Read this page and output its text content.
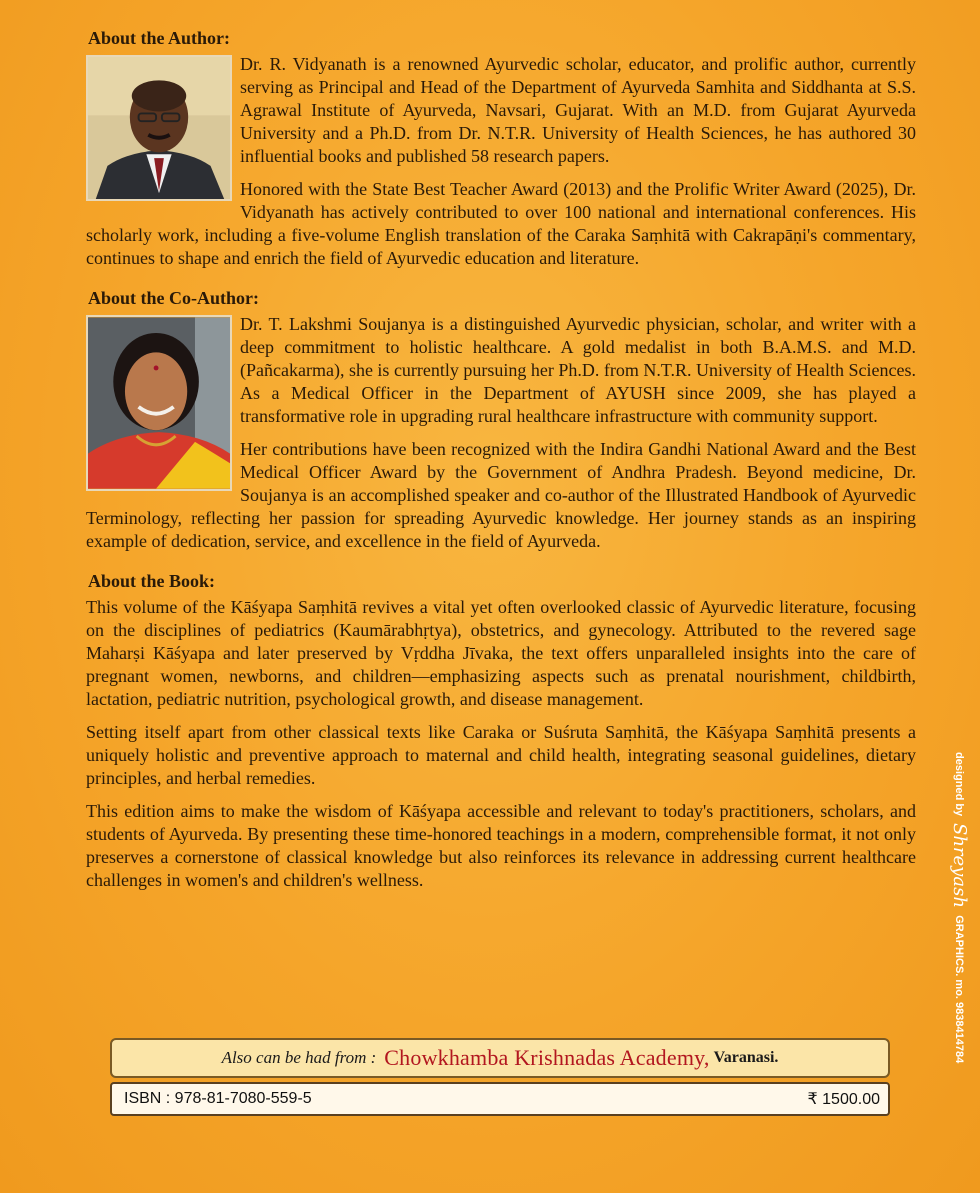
About the Author:

Dr. R. Vidyanath is a renowned Ayurvedic scholar, educator, and prolific author, currently serving as Principal and Head of the Department of Ayurveda Samhita and Siddhanta at S.S. Agrawal Institute of Ayurveda, Navsari, Gujarat. With an M.D. from Gujarat Ayurveda University and a Ph.D. from Dr. N.T.R. University of Health Sciences, he has authored 30 influential books and published 58 research papers.

Honored with the State Best Teacher Award (2013) and the Prolific Writer Award (2025), Dr. Vidyanath has actively contributed to over 100 national and international conferences. His scholarly work, including a five-volume English translation of the Caraka Saṃhitā with Cakrapāṇi's commentary, continues to shape and enrich the field of Ayurvedic education and literature.

About the Co-Author:

Dr. T. Lakshmi Soujanya is a distinguished Ayurvedic physician, scholar, and writer with a deep commitment to holistic healthcare. A gold medalist in both B.A.M.S. and M.D. (Pañcakarma), she is currently pursuing her Ph.D. from N.T.R. University of Health Sciences. As a Medical Officer in the Department of AYUSH since 2009, she has played a transformative role in upgrading rural healthcare infrastructure with community support.

Her contributions have been recognized with the Indira Gandhi National Award and the Best Medical Officer Award by the Government of Andhra Pradesh. Beyond medicine, Dr. Soujanya is an accomplished speaker and co-author of the Illustrated Handbook of Ayurvedic Terminology, reflecting her passion for spreading Ayurvedic knowledge. Her journey stands as an inspiring example of dedication, service, and excellence in the field of Ayurveda.

About the Book:

This volume of the Kāśyapa Saṃhitā revives a vital yet often overlooked classic of Ayurvedic literature, focusing on the disciplines of pediatrics (Kaumārabhṛtya), obstetrics, and gynecology. Attributed to the revered sage Maharṣi Kāśyapa and later preserved by Vṛddha Jīvaka, the text offers unparalleled insights into the care of pregnant women, newborns, and children—emphasizing aspects such as prenatal nourishment, childbirth, lactation, pediatric nutrition, psychological growth, and disease management.

Setting itself apart from other classical texts like Caraka or Suśruta Saṃhitā, the Kāśyapa Saṃhitā presents a uniquely holistic and preventive approach to maternal and child health, integrating seasonal guidelines, dietary principles, and herbal remedies.

This edition aims to make the wisdom of Kāśyapa accessible and relevant to today's practitioners, scholars, and students of Ayurveda. By presenting these time-honored teachings in a modern, comprehensible format, it not only preserves a cornerstone of classical knowledge but also reinforces its relevance in addressing current healthcare challenges in women's and children's wellness.

Also can be had from : Chowkhamba Krishnadas Academy, Varanasi.
ISBN : 978-81-7080-559-5	₹ 1500.00
designed by Shreyash GRAPHICS. mo. 9838414784
